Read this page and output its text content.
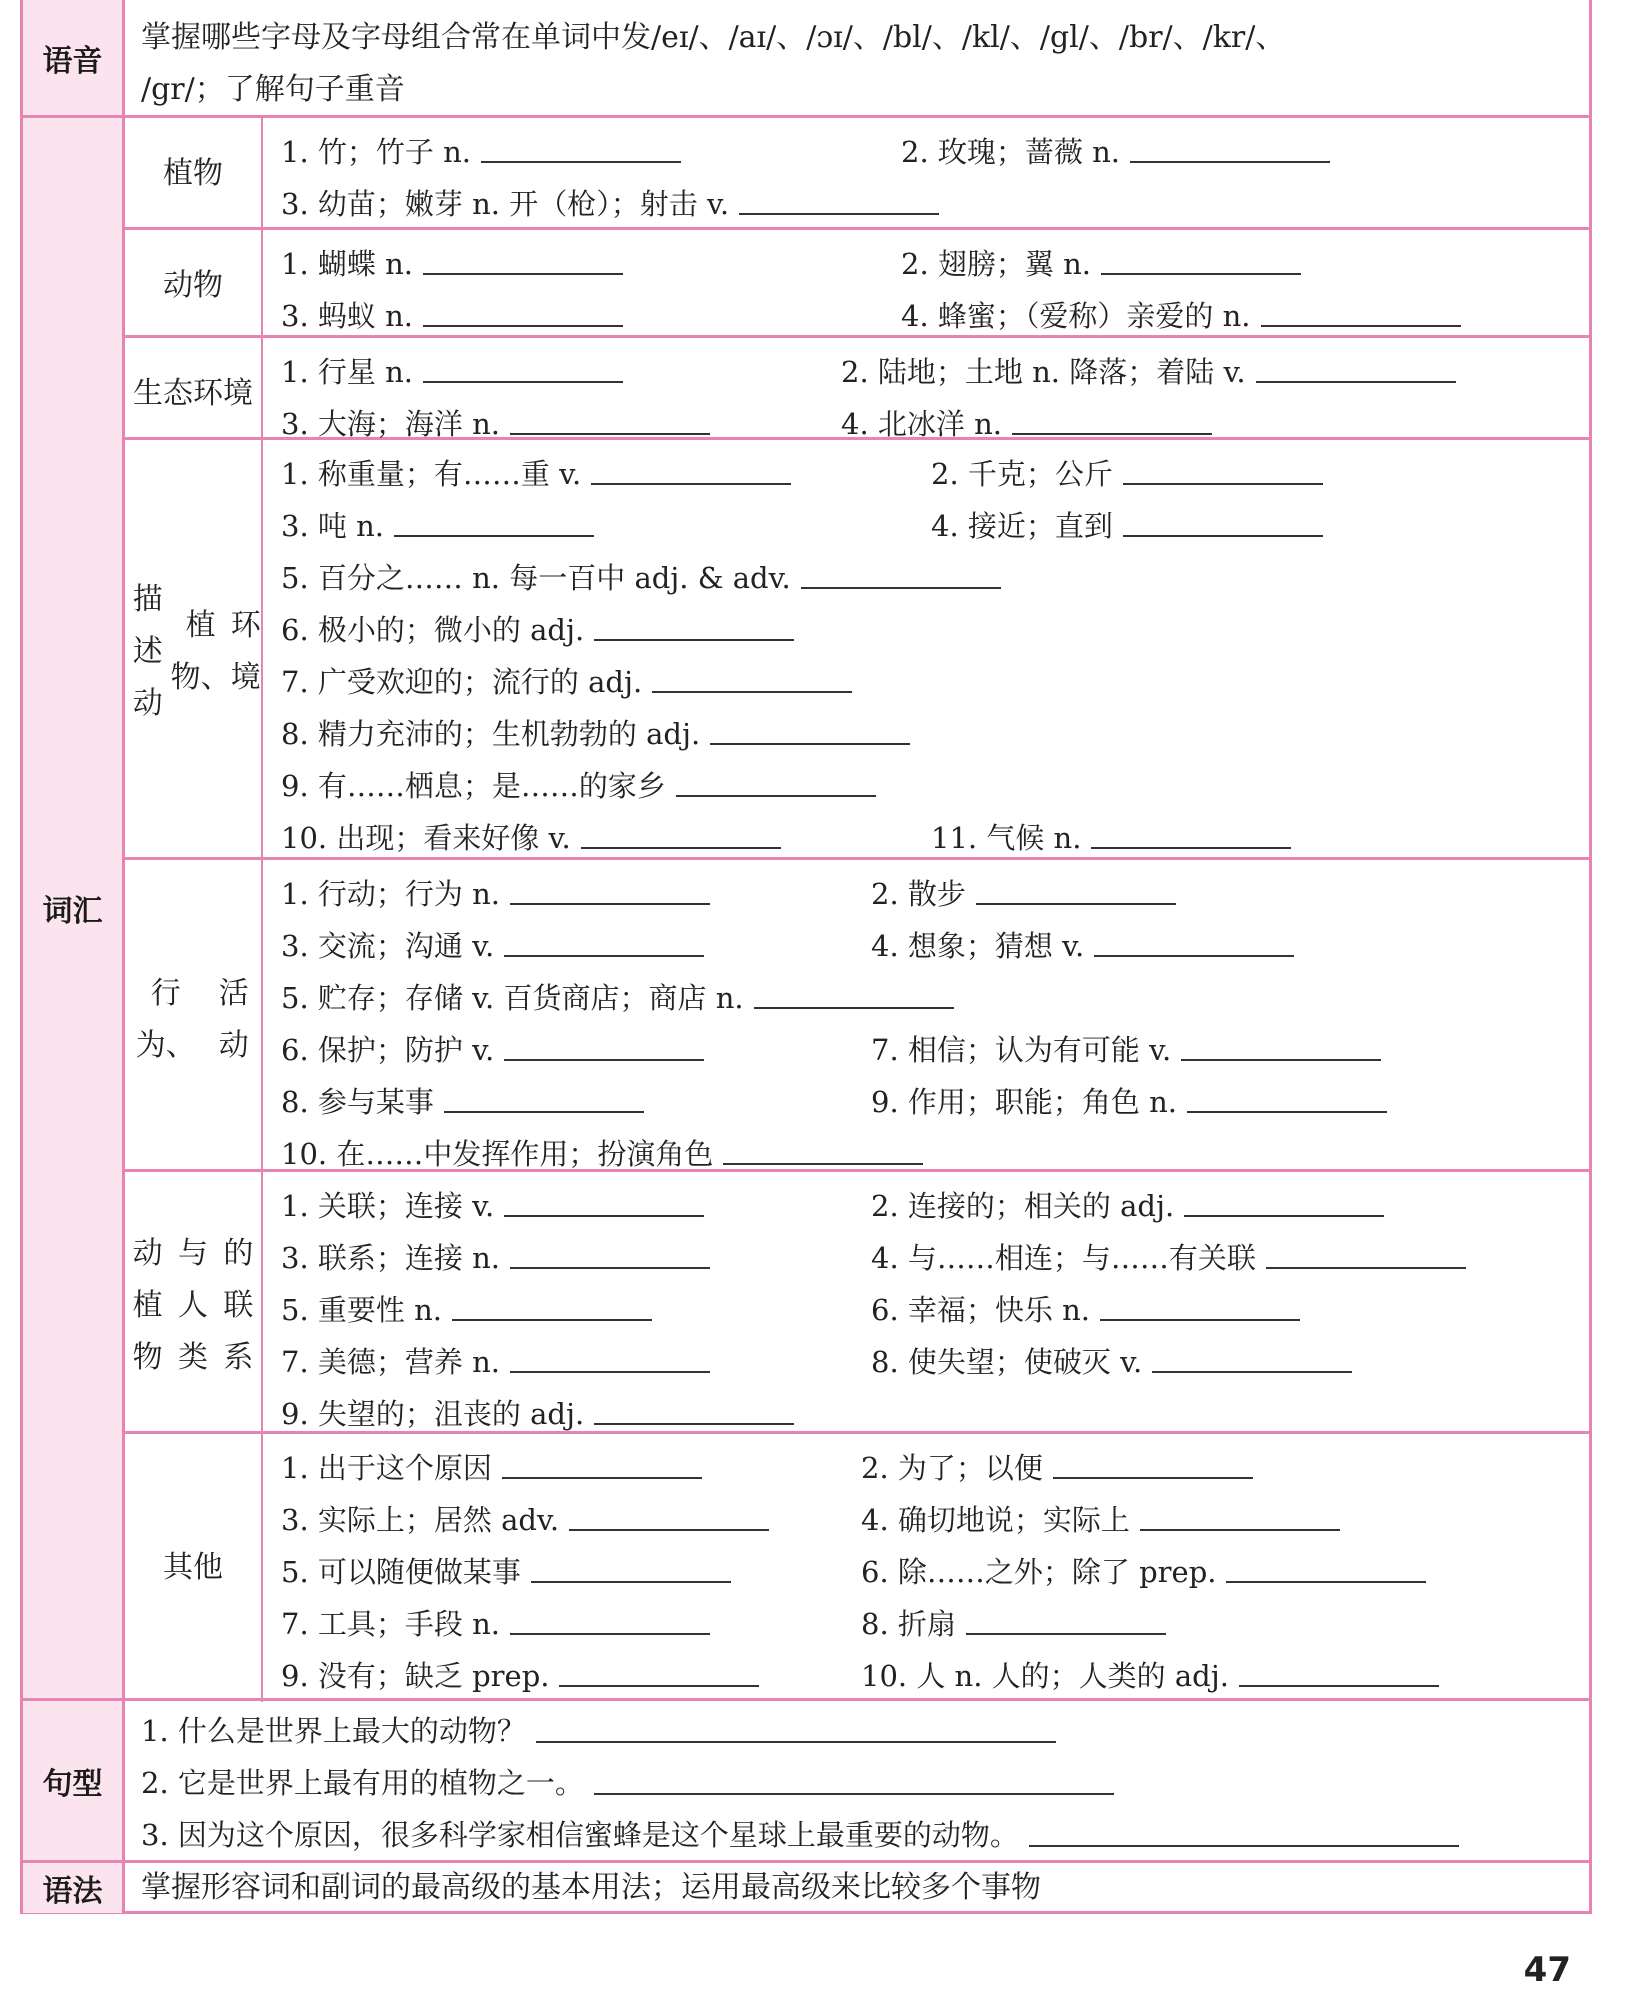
语音
掌握哪些字母及字母组合常在单词中发/eɪ/、/aɪ/、/ɔɪ/、/bl/、/kl/、/gl/、/br/、/kr/、
/gr/；了解句子重音
词汇
植物
1. 竹；竹子 n.	2. 玫瑰；蔷薇 n.
3. 幼苗；嫩芽 n. 开（枪）；射击 v.
动物
1. 蝴蝶 n.	2. 翅膀；翼 n.
3. 蚂蚁 n.	4. 蜂蜜；（爱称）亲爱的 n.
生态 环境
1. 行星 n.	2. 陆地；土地 n. 降落；着陆 v.
3. 大海；海洋 n.	4. 北冰洋 n.
描述动
植物、
环境
1. 称重量；有……重 v.	2. 千克；公斤
3. 吨 n.	4. 接近；直到
5. 百分之…… n. 每一百中 adj. & adv.
6. 极小的；微小的 adj.
7. 广受欢迎的；流行的 adj.
8. 精力充沛的；生机勃勃的 adj.
9. 有……栖息；是……的家乡
10. 出现；看来好像 v.	11. 气候 n.
行为、
活动
1. 行动；行为 n.	2. 散步
3. 交流；沟通 v.	4. 想象；猜想 v.
5. 贮存；存储 v. 百货商店；商店 n.
6. 保护；防护 v.	7. 相信；认为有可能 v.
8. 参与某事	9. 作用；职能；角色 n.
10. 在……中发挥作用；扮演角色
动植物
与人类
的联系
1. 关联；连接 v.	2. 连接的；相关的 adj.
3. 联系；连接 n.	4. 与……相连；与……有关联
5. 重要性 n.	6. 幸福；快乐 n.
7. 美德；营养 n.	8. 使失望；使破灭 v.
9. 失望的；沮丧的 adj.
其他
1. 出于这个原因	2. 为了；以便
3. 实际上；居然 adv.	4. 确切地说；实际上
5. 可以随便做某事	6. 除……之外；除了 prep.
7. 工具；手段 n.	8. 折扇
9. 没有；缺乏 prep.	10. 人 n. 人的；人类的 adj.
句型
1. 什么是世界上最大的动物？
2. 它是世界上最有用的植物之一。
3. 因为这个原因，很多科学家相信蜜蜂是这个星球上最重要的动物。
语法	掌握形容词和副词的最高级的基本用法；运用最高级来比较多个事物
47
